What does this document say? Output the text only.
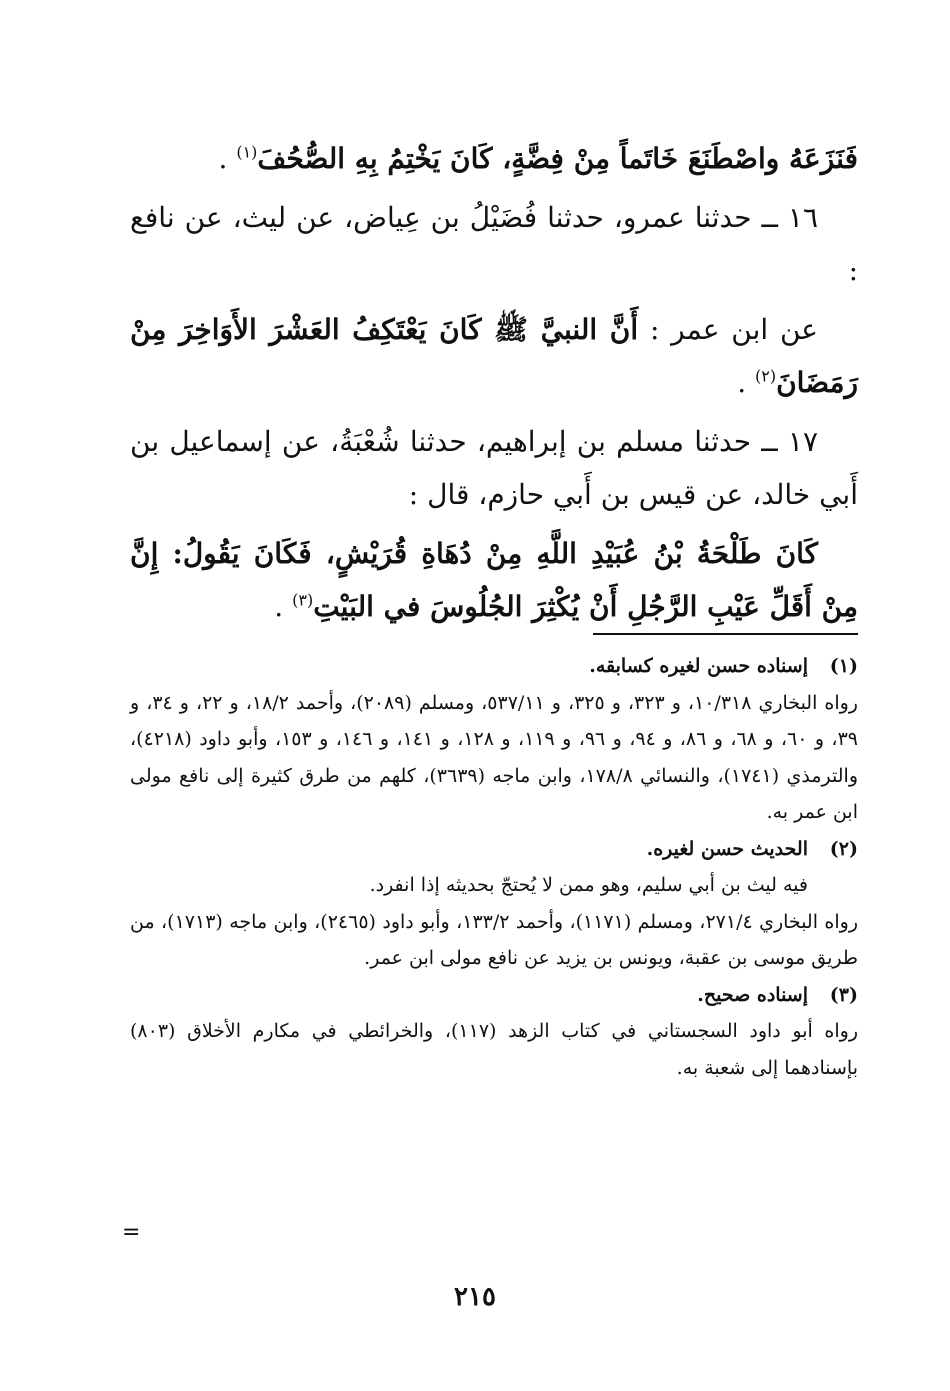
فَنَزَعَهُ واصْطَنَعَ خَاتَماً مِنْ فِضَّةٍ، كَانَ يَخْتِمُ بِهِ الصُّحُفَ$^{(١)}$ .

١٦ ــ حدثنا عمرو، حدثنا فُضَيْلُ بن عِياض، عن ليث، عن نافع :

عن ابن عمر : أَنَّ النبيَّ ﷺ كَانَ يَعْتَكِفُ العَشْرَ الأَوَاخِرَ مِنْ رَمَضَانَ$^{(٢)}$ .

١٧ ــ حدثنا مسلم بن إبراهيم، حدثنا شُعْبَةُ، عن إسماعيل بن أَبي خالد، عن قيس بن أَبي حازم، قال :

كَانَ طَلْحَةُ بْنُ عُبَيْدِ اللَّهِ مِنْ دُهَاةِ قُرَيْشٍ، فَكَانَ يَقُولُ: إِنَّ مِنْ أَقَلِّ عَيْبِ الرَّجُلِ أَنْ يُكْثِرَ الجُلُوسَ في البَيْتِ$^{(٣)}$ .

(١)
إسناده حسن لغيره كسابقه.

رواه البخاري ١٠/٣١٨، و ٣٢٣، و ٣٢٥، و ٥٣٧/١١، ومسلم (٢٠٨٩)، وأحمد ١٨/٢، و ٢٢، و ٣٤، و ٣٩، و ٦٠، و ٦٨، و ٨٦، و ٩٤، و ٩٦، و ١١٩، و ١٢٨، و ١٤١، و ١٤٦، و ١٥٣، وأبو داود (٤٢١٨)، والترمذي (١٧٤١)، والنسائي ١٧٨/٨، وابن ماجه (٣٦٣٩)، كلهم من طرق كثيرة إلى نافع مولى ابن عمر به.

(٢)
الحديث حسن لغيره.

فيه ليث بن أبي سليم، وهو ممن لا يُحتجّ بحديثه إذا انفرد.

رواه البخاري ٢٧١/٤، ومسلم (١١٧١)، وأحمد ١٣٣/٢، وأبو داود (٢٤٦٥)، وابن ماجه (١٧١٣)، من طريق موسى بن عقبة، ويونس بن يزيد عن نافع مولى ابن عمر.

(٣)
إسناده صحيح.

رواه أبو داود السجستاني في كتاب الزهد (١١٧)، والخرائطي في مكارم الأخلاق (٨٠٣) بإسنادهما إلى شعبة به.

=
٢١٥
